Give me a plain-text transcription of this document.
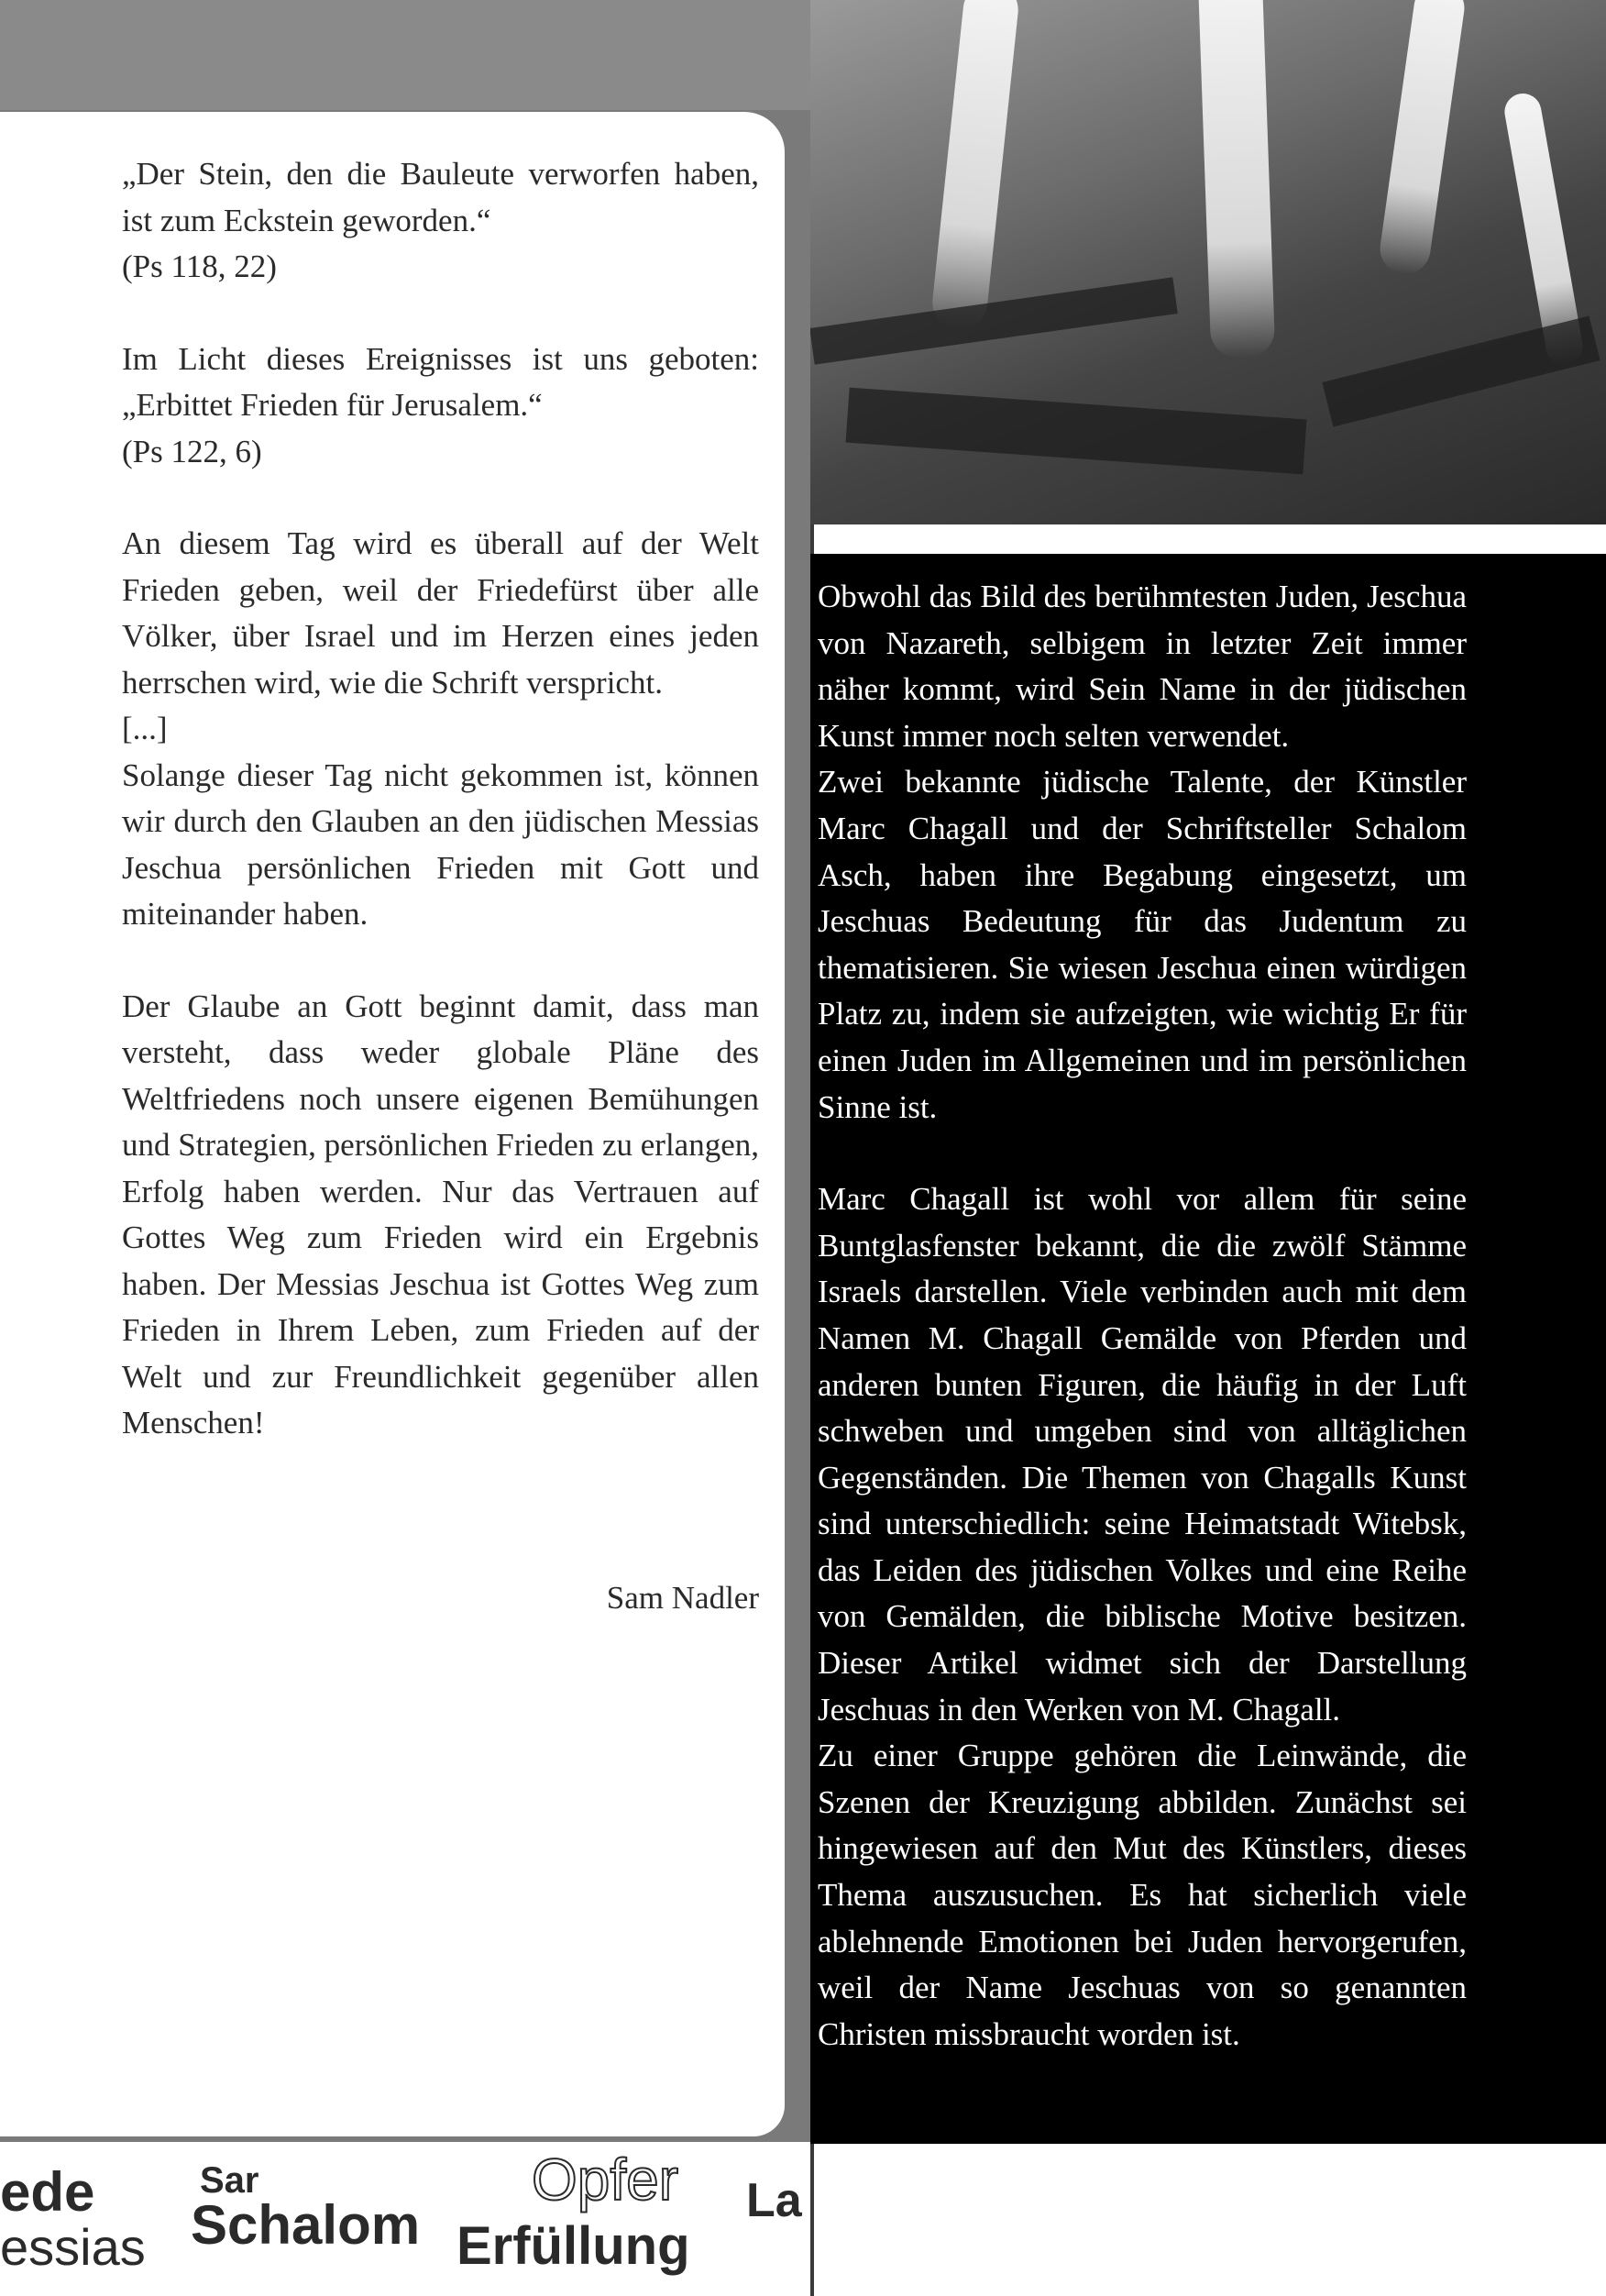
„Der Stein, den die Bauleute verworfen haben, ist zum Eckstein geworden.“

(Ps 118, 22)

Im Licht dieses Ereignisses ist uns geboten: „Erbittet Frieden für Jerusalem.“

(Ps 122, 6)

An diesem Tag wird es überall auf der Welt Frieden geben, weil der Friedefürst über alle Völker, über Israel und im Herzen eines jeden herrschen wird, wie die Schrift verspricht.

[...]

Solange dieser Tag nicht gekommen ist, können wir durch den Glauben an den jüdischen Messias Jeschua persönlichen Frieden mit Gott und miteinander haben.

Der Glaube an Gott beginnt damit, dass man versteht, dass weder globale Pläne des Weltfriedens noch unsere eigenen Bemühungen und Strategien, persönlichen Frieden zu erlangen, Erfolg haben werden. Nur das Vertrauen auf Gottes Weg zum Frieden wird ein Ergebnis haben. Der Messias Jeschua ist Gottes Weg zum Frieden in Ihrem Leben, zum Frieden auf der Welt und zur Freundlichkeit gegenüber allen Menschen!

Sam Nadler
ede
essias
Sar
Schalom
Opfer
Erfüllung
La

Obwohl das Bild des berühmtesten Juden, Jeschua von Nazareth, selbigem in letzter Zeit immer näher kommt, wird Sein Name in der jüdischen Kunst immer noch selten verwendet.

Zwei bekannte jüdische Talente, der Künstler Marc Chagall und der Schriftsteller Schalom Asch, haben ihre Begabung eingesetzt, um Jeschuas Bedeutung für das Judentum zu thematisieren. Sie wiesen Jeschua einen würdigen Platz zu, indem sie aufzeigten, wie wichtig Er für einen Juden im Allgemeinen und im persönlichen Sinne ist.

Marc Chagall ist wohl vor allem für seine Buntglasfenster bekannt, die die zwölf Stämme Israels darstellen. Viele verbinden auch mit dem Namen M. Chagall Gemälde von Pferden und anderen bunten Figuren, die häufig in der Luft schweben und umgeben sind von alltäglichen Gegenständen. Die Themen von Chagalls Kunst sind unterschiedlich: seine Heimatstadt Witebsk, das Leiden des jüdischen Volkes und eine Reihe von Gemälden, die biblische Motive besitzen. Dieser Artikel widmet sich der Darstellung Jeschuas in den Werken von M. Chagall.

Zu einer Gruppe gehören die Leinwände, die Szenen der Kreuzigung abbilden. Zunächst sei hingewiesen auf den Mut des Künstlers, dieses Thema auszusuchen. Es hat sicherlich viele ablehnende Emotionen bei Juden hervorgerufen, weil der Name Jeschuas von so genannten Christen missbraucht worden ist.
